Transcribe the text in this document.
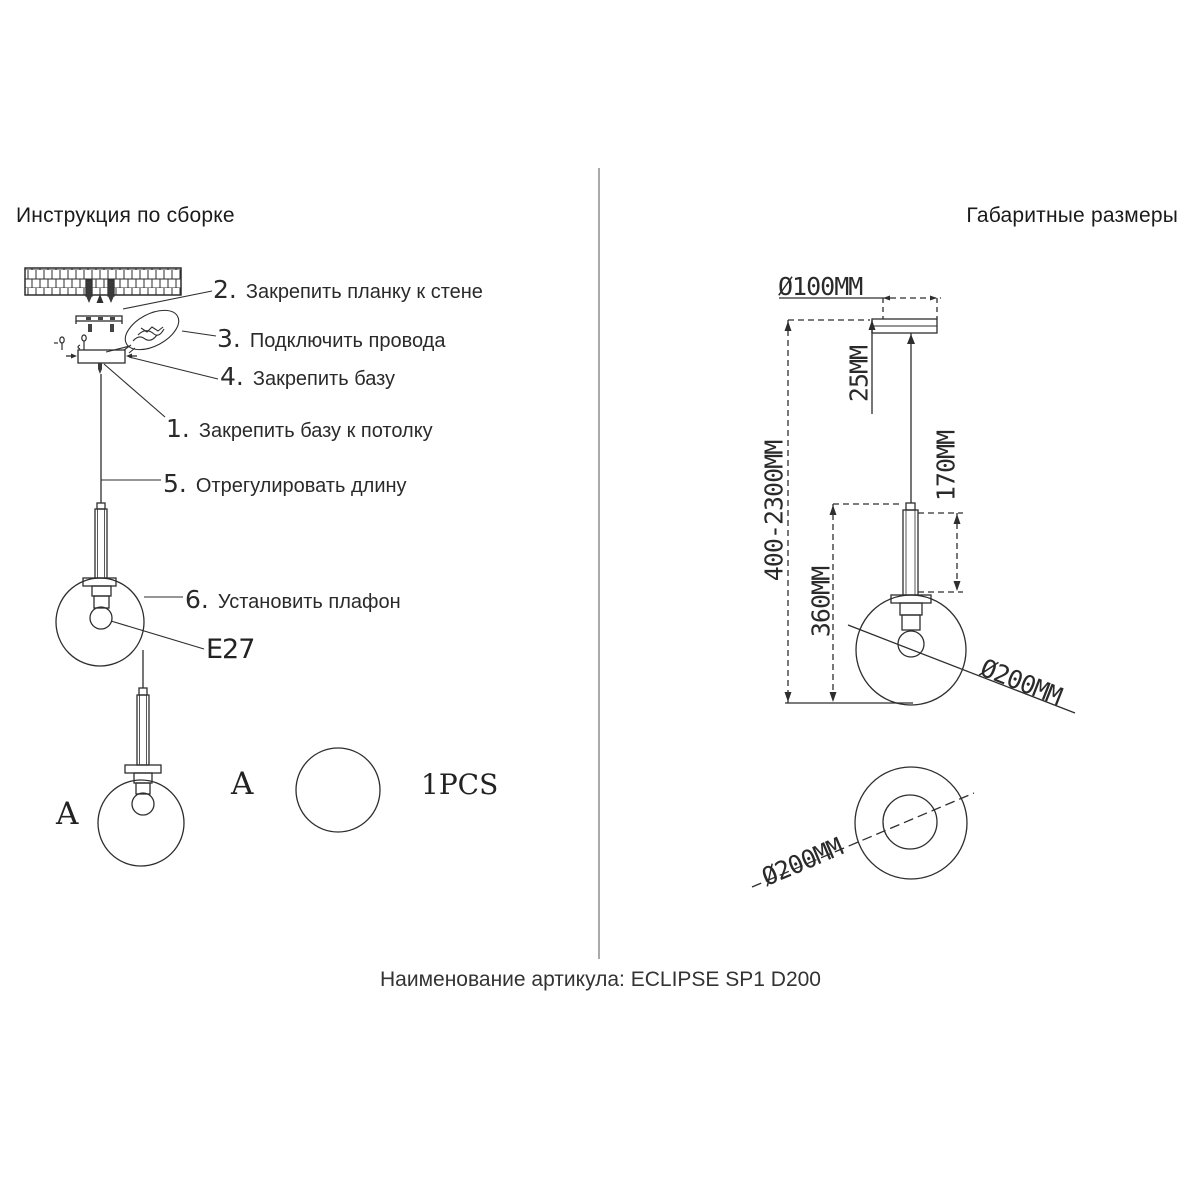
Инструкция по сборке	Габаритные размеры
2. Закрепить планку к стене
3. Подключить провода
4. Закрепить базу
1. Закрепить базу к потолку
5. Отрегулировать длину
6. Установить плафон
E27
A
A	1PCS
Ø100MM
25MM
400-2300MM
360MM
170MM
Ø200MM
Ø200MM
Наименование артикула: ECLIPSE SP1 D200
